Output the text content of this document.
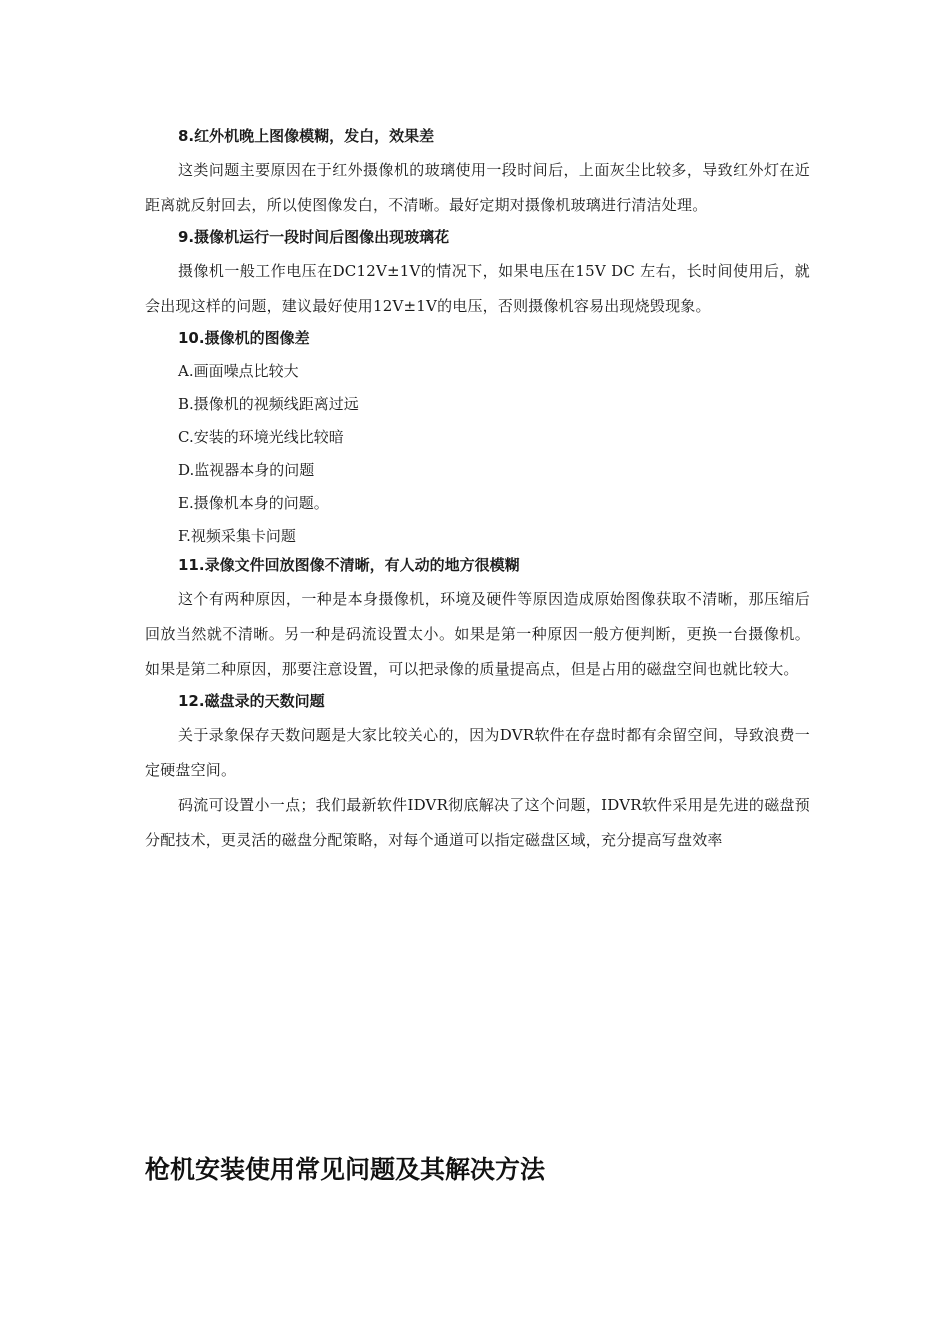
8.红外机晚上图像模糊，发白，效果差

这类问题主要原因在于红外摄像机的玻璃使用一段时间后，上面灰尘比较多，导致红外灯在近距离就反射回去，所以使图像发白，不清晰。最好定期对摄像机玻璃进行清洁处理。

9.摄像机运行一段时间后图像出现玻璃花

摄像机一般工作电压在DC12V±1V的情况下，如果电压在15V DC 左右，长时间使用后，就会出现这样的问题，建议最好使用12V±1V的电压，否则摄像机容易出现烧毁现象。

10.摄像机的图像差

A.画面噪点比较大

B.摄像机的视频线距离过远

C.安装的环境光线比较暗

D.监视器本身的问题

E.摄像机本身的问题。

F.视频采集卡问题

11.录像文件回放图像不清晰，有人动的地方很模糊

这个有两种原因，一种是本身摄像机，环境及硬件等原因造成原始图像获取不清晰，那压缩后回放当然就不清晰。另一种是码流设置太小。如果是第一种原因一般方便判断，更换一台摄像机。如果是第二种原因，那要注意设置，可以把录像的质量提高点，但是占用的磁盘空间也就比较大。

12.磁盘录的天数问题

关于录象保存天数问题是大家比较关心的，因为DVR软件在存盘时都有余留空间，导致浪费一定硬盘空间。

码流可设置小一点；我们最新软件IDVR彻底解决了这个问题，IDVR软件采用是先进的磁盘预分配技术，更灵活的磁盘分配策略，对每个通道可以指定磁盘区域，充分提高写盘效率

枪机安装使用常见问题及其解决方法
